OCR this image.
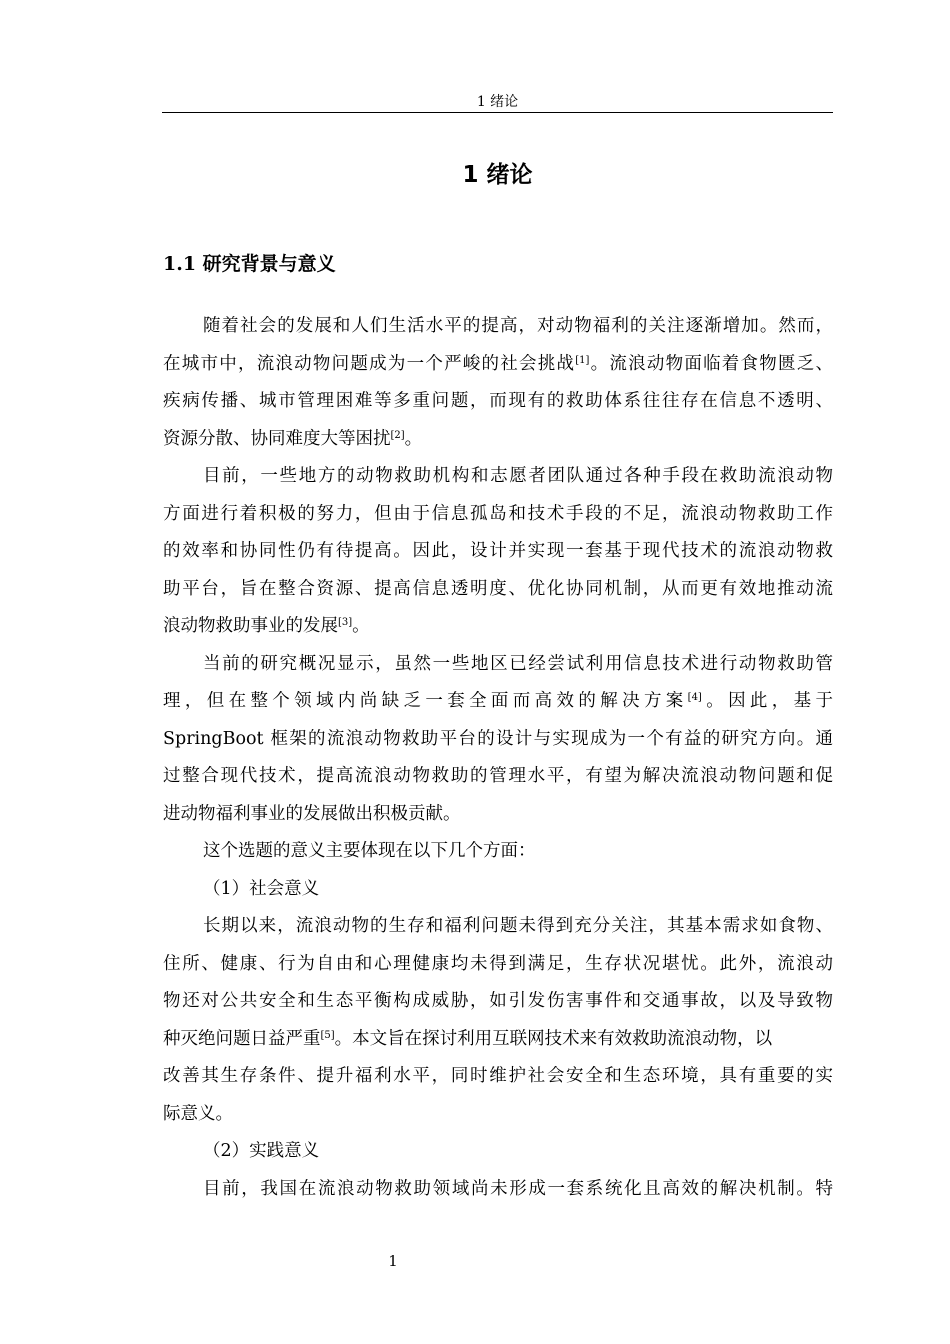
1 绪论
1 绪论
1.1 研究背景与意义
随着社会的发展和人们生活水平的提高，对动物福利的关注逐渐增加。然而，
在城市中，流浪动物问题成为一个严峻的社会挑战[1]。流浪动物面临着食物匮乏、
疾病传播、城市管理困难等多重问题，而现有的救助体系往往存在信息不透明、
资源分散、协同难度大等困扰[2]。
目前，一些地方的动物救助机构和志愿者团队通过各种手段在救助流浪动物
方面进行着积极的努力，但由于信息孤岛和技术手段的不足，流浪动物救助工作
的效率和协同性仍有待提高。因此，设计并实现一套基于现代技术的流浪动物救
助平台，旨在整合资源、提高信息透明度、优化协同机制，从而更有效地推动流
浪动物救助事业的发展[3]。
当前的研究概况显示，虽然一些地区已经尝试利用信息技术进行动物救助管
理，但在整个领域内尚缺乏一套全面而高效的解决方案[4]。因此，基于
SpringBoot 框架的流浪动物救助平台的设计与实现成为一个有益的研究方向。通
过整合现代技术，提高流浪动物救助的管理水平，有望为解决流浪动物问题和促
进动物福利事业的发展做出积极贡献。
这个选题的意义主要体现在以下几个方面：
（1）社会意义
长期以来，流浪动物的生存和福利问题未得到充分关注，其基本需求如食物、
住所、健康、行为自由和心理健康均未得到满足，生存状况堪忧。此外，流浪动
物还对公共安全和生态平衡构成威胁，如引发伤害事件和交通事故，以及导致物
种灭绝问题日益严重[5]。本文旨在探讨利用互联网技术来有效救助流浪动物，以
改善其生存条件、提升福利水平，同时维护社会安全和生态环境，具有重要的实
际意义。
（2）实践意义
目前，我国在流浪动物救助领域尚未形成一套系统化且高效的解决机制。特
1
